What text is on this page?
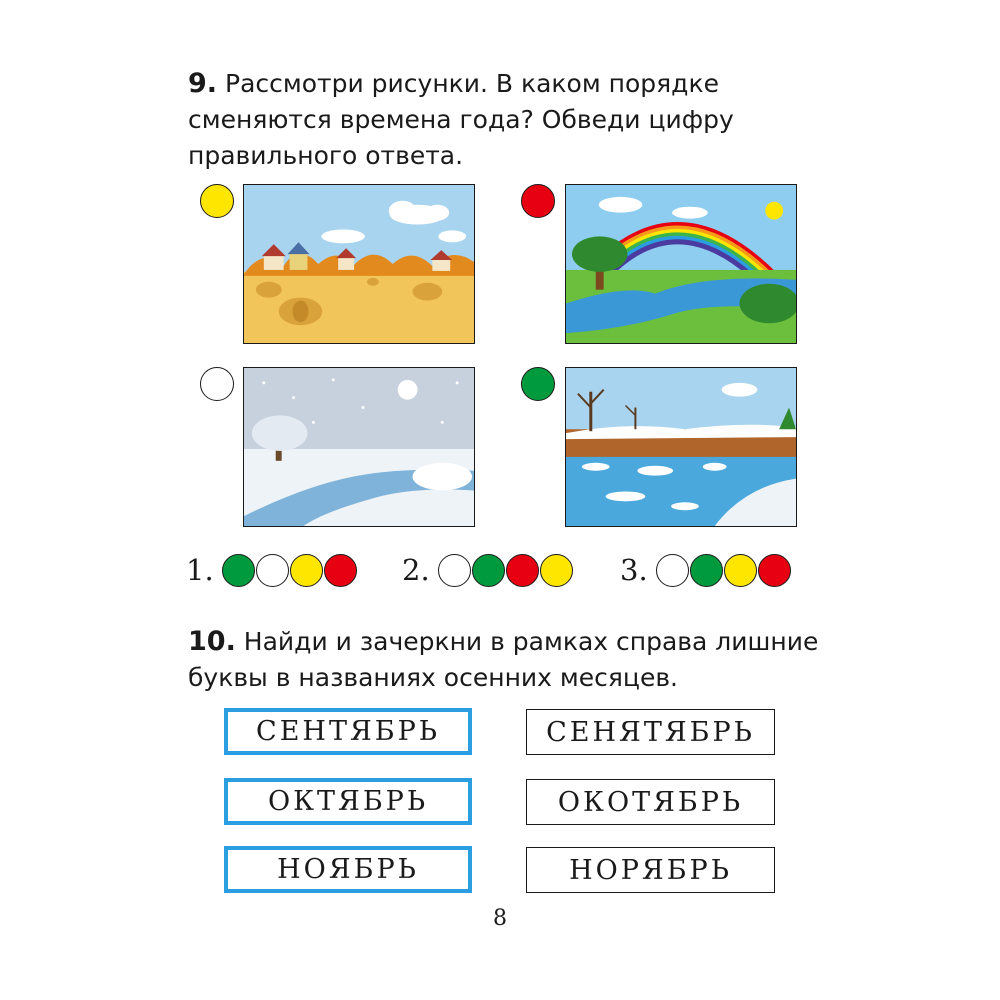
9. Рассмотри рисунки. В каком порядке сменяются времена года? Обведи цифру правильного ответа.

1.	2.	3.

10. Найди и зачеркни в рамках справа лишние буквы в названиях осенних месяцев.

СЕНТЯБРЬ
ОКТЯБРЬ
НОЯБРЬ
СЕНЯТЯБРЬ
ОКОТЯБРЬ
НОРЯБРЬ
8
